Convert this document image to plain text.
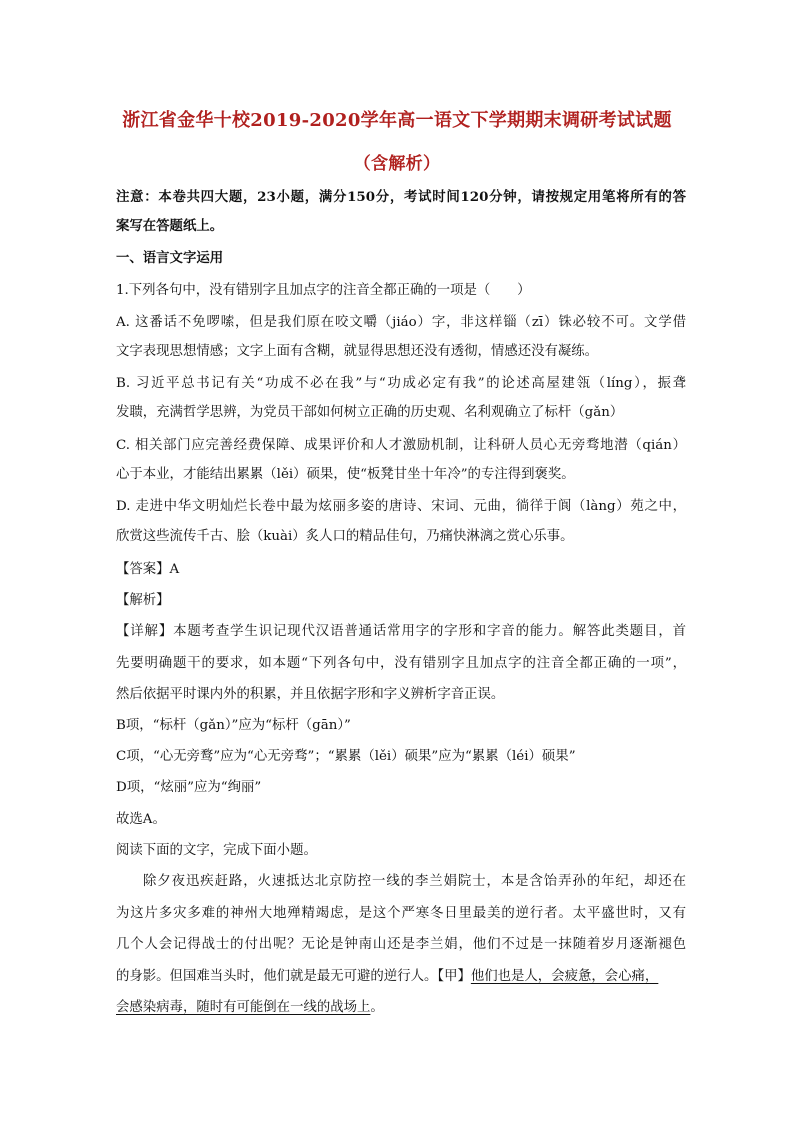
浙江省金华十校2019-2020学年高一语文下学期期末调研考试试题
（含解析）
注意：本卷共四大题，23小题，满分150分，考试时间120分钟，请按规定用笔将所有的答
案写在答题纸上。
一、语言文字运用
1.下列各句中，没有错别字且加点字的注音全都正确的一项是（　　）
A. 这番话不免啰嗦，但是我们原在咬文嚼（jiáo）字，非这样锱（zī）铢必较不可。文学借
文字表现思想情感；文字上面有含糊，就显得思想还没有透彻，情感还没有凝练。
B. 习近平总书记有关“功成不必在我”与“功成必定有我”的论述高屋建瓴（líng），振聋
发聩，充满哲学思辨，为党员干部如何树立正确的历史观、名利观确立了标杆（gǎn）
C. 相关部门应完善经费保障、成果评价和人才激励机制，让科研人员心无旁骛地潜（qián）
心于本业，才能结出累累（lěi）硕果，使“板凳甘坐十年冷”的专注得到褒奖。
D. 走进中华文明灿烂长卷中最为炫丽多姿的唐诗、宋词、元曲，徜徉于阆（làng）苑之中，
欣赏这些流传千古、脍（kuài）炙人口的精品佳句，乃痛快淋漓之赏心乐事。
【答案】A
【解析】
【详解】本题考查学生识记现代汉语普通话常用字的字形和字音的能力。解答此类题目，首
先要明确题干的要求，如本题“下列各句中，没有错别字且加点字的注音全都正确的一项”，
然后依据平时课内外的积累，并且依据字形和字义辨析字音正误。
B项，“标杆（gǎn）”应为“标杆（gān）”
C项，“心无旁鹜”应为“心无旁骛”；“累累（lěi）硕果”应为“累累（léi）硕果”
D项，“炫丽”应为“绚丽”
故选A。
阅读下面的文字，完成下面小题。
除夕夜迅疾赶路，火速抵达北京防控一线的李兰娟院士，本是含饴弄孙的年纪，却还在
为这片多灾多难的神州大地殚精竭虑，是这个严寒冬日里最美的逆行者。太平盛世时，又有
几个人会记得战士的付出呢？无论是钟南山还是李兰娟，他们不过是一抹随着岁月逐渐褪色
的身影。但国难当头时，他们就是最无可避的逆行人。【甲】他们也是人，会疲惫，会心痛，
会感染病毒，随时有可能倒在一线的战场上。
